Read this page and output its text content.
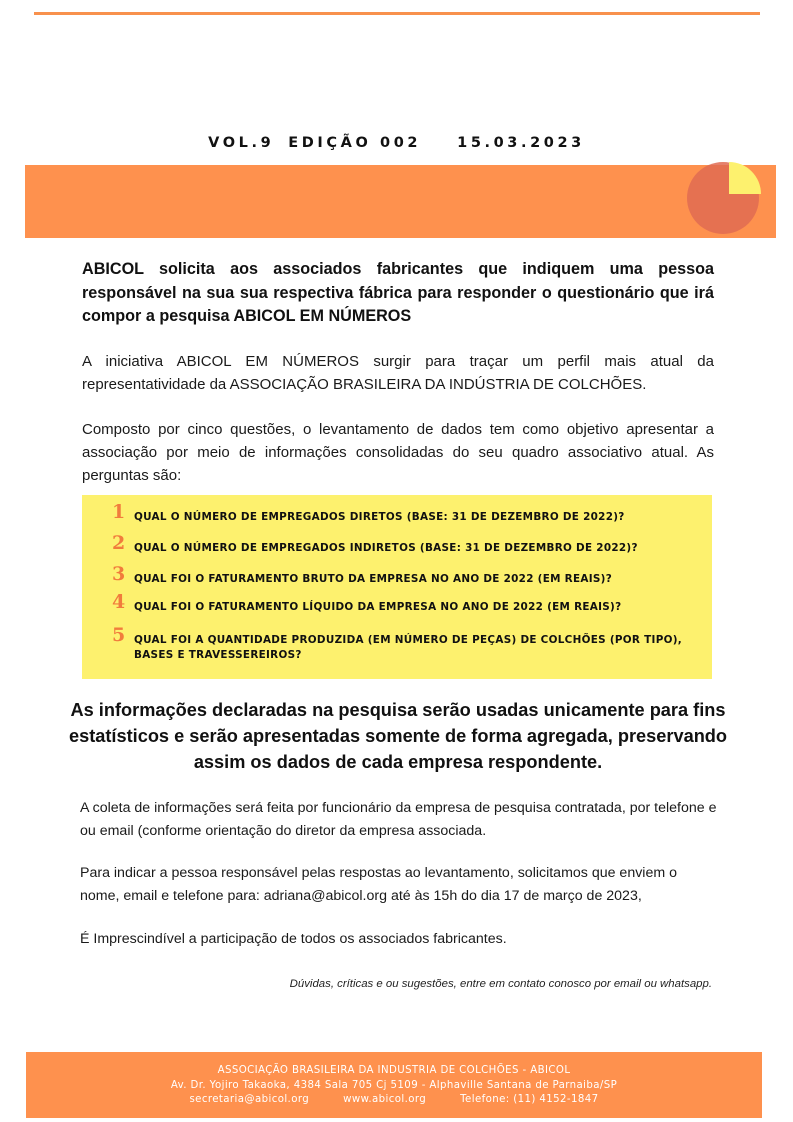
VOL.9 EDIÇÃO 002 15.03.2023
ABICOL solicita aos associados fabricantes que indiquem uma pessoa responsável na sua sua respectiva fábrica para responder o questionário que irá compor a pesquisa ABICOL EM NÚMEROS
A iniciativa ABICOL EM NÚMEROS surgir para traçar um perfil mais atual da representatividade da ASSOCIAÇÃO BRASILEIRA DA INDÚSTRIA DE COLCHÕES.
Composto por cinco questões, o levantamento de dados tem como objetivo apresentar a associação por meio de informações consolidadas do seu quadro associativo atual. As perguntas são:
1 QUAL O NÚMERO DE EMPREGADOS DIRETOS (BASE: 31 DE DEZEMBRO DE 2022)?
2 QUAL O NÚMERO DE EMPREGADOS INDIRETOS (BASE: 31 DE DEZEMBRO DE 2022)?
3 QUAL FOI O FATURAMENTO BRUTO DA EMPRESA NO ANO DE 2022 (EM REAIS)?
4 QUAL FOI O FATURAMENTO LÍQUIDO DA EMPRESA NO ANO DE 2022 (EM REAIS)?
5 QUAL FOI A QUANTIDADE PRODUZIDA (EM NÚMERO DE PEÇAS) DE COLCHÕES (POR TIPO), BASES E TRAVESSEREIROS?
As informações declaradas na pesquisa serão usadas unicamente para fins estatísticos e serão apresentadas somente de forma agregada, preservando assim os dados de cada empresa respondente.
A coleta de informações será feita por funcionário da empresa de pesquisa contratada, por telefone e ou email (conforme orientação do diretor da empresa associada.
Para indicar a pessoa responsável pelas respostas ao levantamento, solicitamos que enviem o nome, email e telefone para: adriana@abicol.org até às 15h do dia 17 de março de 2023,
É Imprescindível a participação de todos os associados fabricantes.
Dúvidas, críticas e ou sugestões, entre em contato conosco por email ou whatsapp.
ASSOCIAÇÃO BRASILEIRA DA INDUSTRIA DE COLCHÕES - ABICOL
Av. Dr. Yojiro Takaoka, 4384 Sala 705 Cj 5109 - Alphaville Santana de Parnaiba/SP
secretaria@abicol.org	www.abicol.org	Telefone: (11) 4152-1847
